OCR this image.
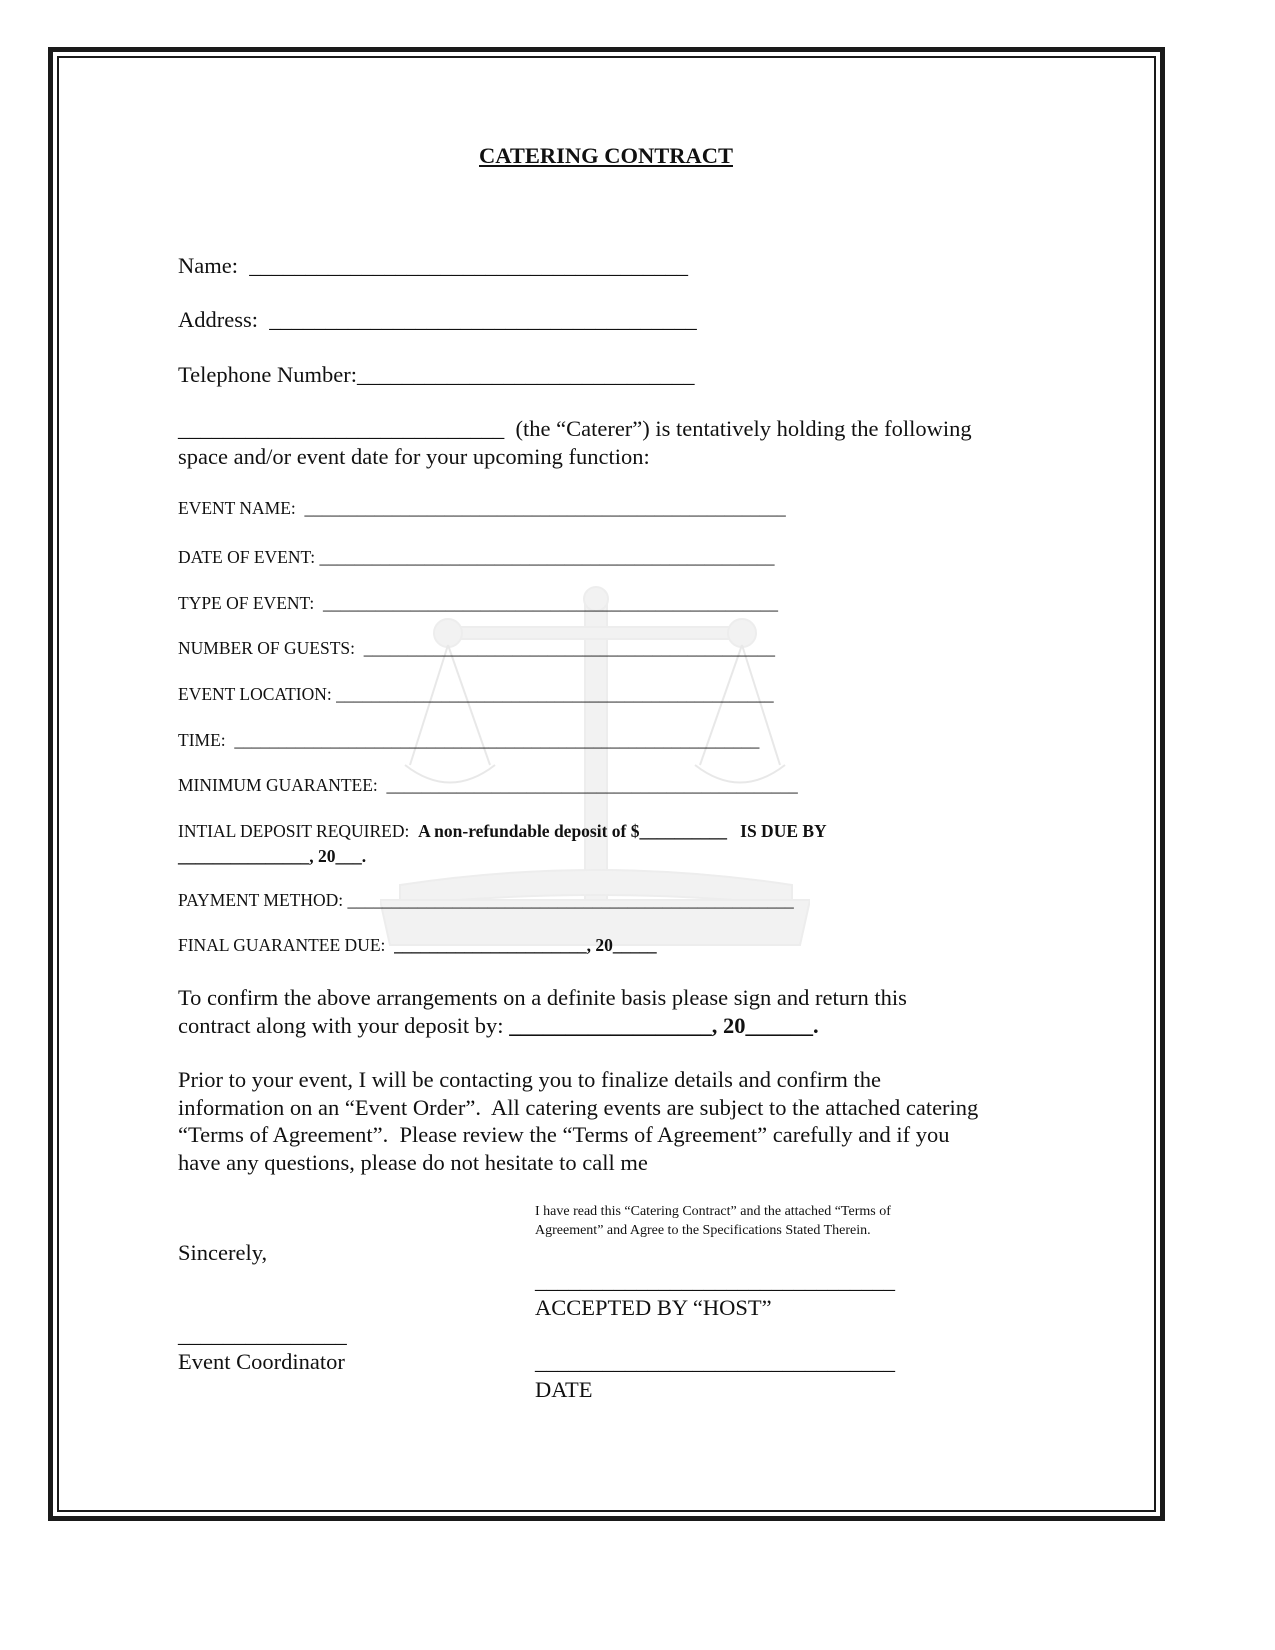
CATERING CONTRACT
Name:  _______________________________________
Address:  ______________________________________
Telephone Number:______________________________
_____________________________  (the “Caterer”) is tentatively holding the following
space and/or event date for your upcoming function:
EVENT NAME:  _______________________________________________________
DATE OF EVENT: ____________________________________________________
TYPE OF EVENT:  ____________________________________________________
NUMBER OF GUESTS:  _______________________________________________
EVENT LOCATION: __________________________________________________
TIME:  ____________________________________________________________
MINIMUM GUARANTEE:  _______________________________________________
INTIAL DEPOSIT REQUIRED:  A non-refundable deposit of $__________   IS DUE BY
_______________, 20___.
PAYMENT METHOD: ___________________________________________________
FINAL GUARANTEE DUE:  ______________________, 20_____
To confirm the above arrangements on a definite basis please sign and return this
contract along with your deposit by: __________________, 20______.
Prior to your event, I will be contacting you to finalize details and confirm the
information on an “Event Order”.  All catering events are subject to the attached catering
“Terms of Agreement”.  Please review the “Terms of Agreement” carefully and if you
have any questions, please do not hesitate to call me
I have read this “Catering Contract” and the attached “Terms of
Agreement” and Agree to the Specifications Stated Therein.
Sincerely,
________________________________
ACCEPTED BY “HOST”
_______________
Event Coordinator	________________________________
DATE
